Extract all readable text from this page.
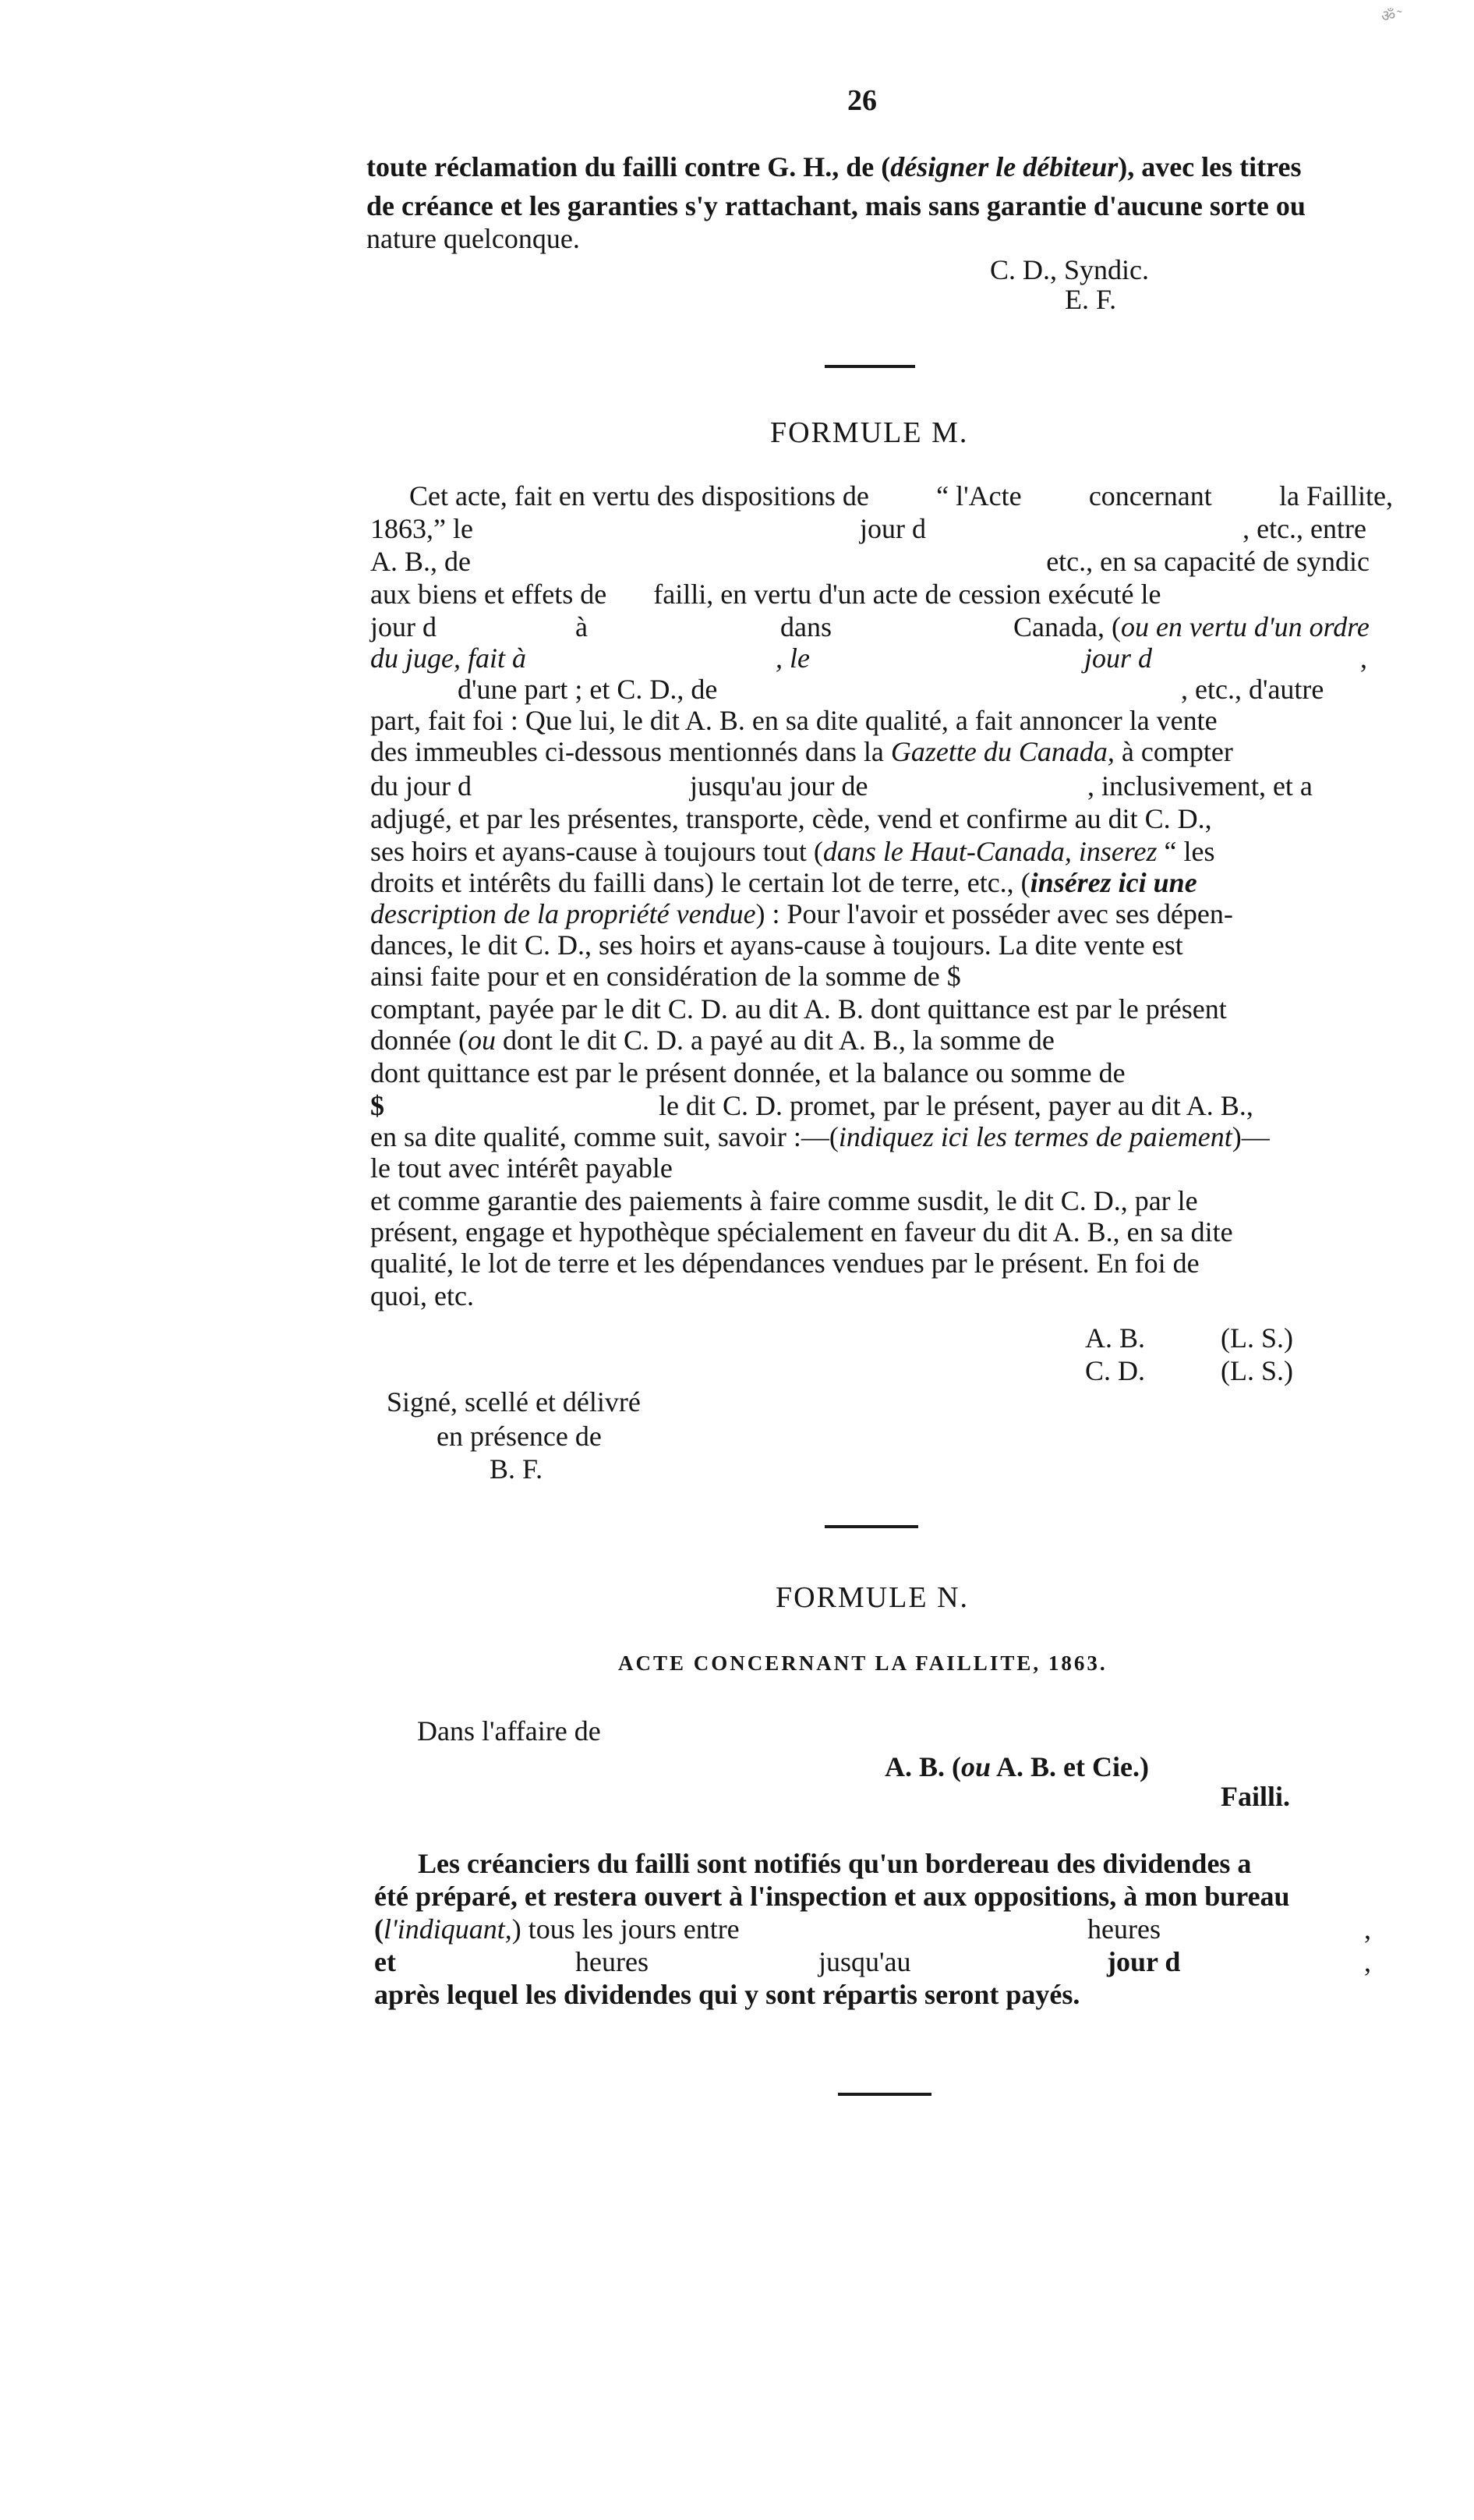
ॐ ͂
26
toute réclamation du failli contre G. H., de (désigner le débiteur), avec les titres
de créance et les garanties s'y rattachant, mais sans garantie d'aucune sorte ou
nature quelconque.
C. D., Syndic.
E. F.
FORMULE M.
Cet acte, fait en vertu des dispositions de “ l'Acte concernant la Faillite,
1863,” le	jour d	, etc., entre
A. B., de	etc., en sa capacité de syndic
aux biens et effets de failli, en vertu d'un acte de cession exécuté le
jour d	à	dans	Canada, (ou en vertu d'un ordre
du juge, fait à	, le	jour d	,
d'une part ; et C. D., de	, etc., d'autre
part, fait foi : Que lui, le dit A. B. en sa dite qualité, a fait annoncer la vente
des immeubles ci-dessous mentionnés dans la Gazette du Canada, à compter
du jour d	jusqu'au jour de	, inclusivement, et a
adjugé, et par les présentes, transporte, cède, vend et confirme au dit C. D.,
ses hoirs et ayans-cause à toujours tout (dans le Haut-Canada, inserez “ les
droits et intérêts du failli dans) le certain lot de terre, etc., (insérez ici une
description de la propriété vendue) : Pour l'avoir et posséder avec ses dépen-
dances, le dit C. D., ses hoirs et ayans-cause à toujours. La dite vente est
ainsi faite pour et en considération de la somme de $
comptant, payée par le dit C. D. au dit A. B. dont quittance est par le présent
donnée (ou dont le dit C. D. a payé au dit A. B., la somme de
dont quittance est par le présent donnée, et la balance ou somme de
$	le dit C. D. promet, par le présent, payer au dit A. B.,
en sa dite qualité, comme suit, savoir :—(indiquez ici les termes de paiement)—
le tout avec intérêt payable
et comme garantie des paiements à faire comme susdit, le dit C. D., par le
présent, engage et hypothèque spécialement en faveur du dit A. B., en sa dite
qualité, le lot de terre et les dépendances vendues par le présent. En foi de
quoi, etc.
A. B.	(L. S.)
C. D.	(L. S.)
Signé, scellé et délivré
en présence de
B. F.
FORMULE N.
ACTE CONCERNANT LA FAILLITE, 1863.
Dans l'affaire de
A. B. (ou A. B. et Cie.)
Failli.
Les créanciers du failli sont notifiés qu'un bordereau des dividendes a
été préparé, et restera ouvert à l'inspection et aux oppositions, à mon bureau
(l'indiquant,) tous les jours entre	heures	,
et	heures	jusqu'au	jour d	,
après lequel les dividendes qui y sont répartis seront payés.
